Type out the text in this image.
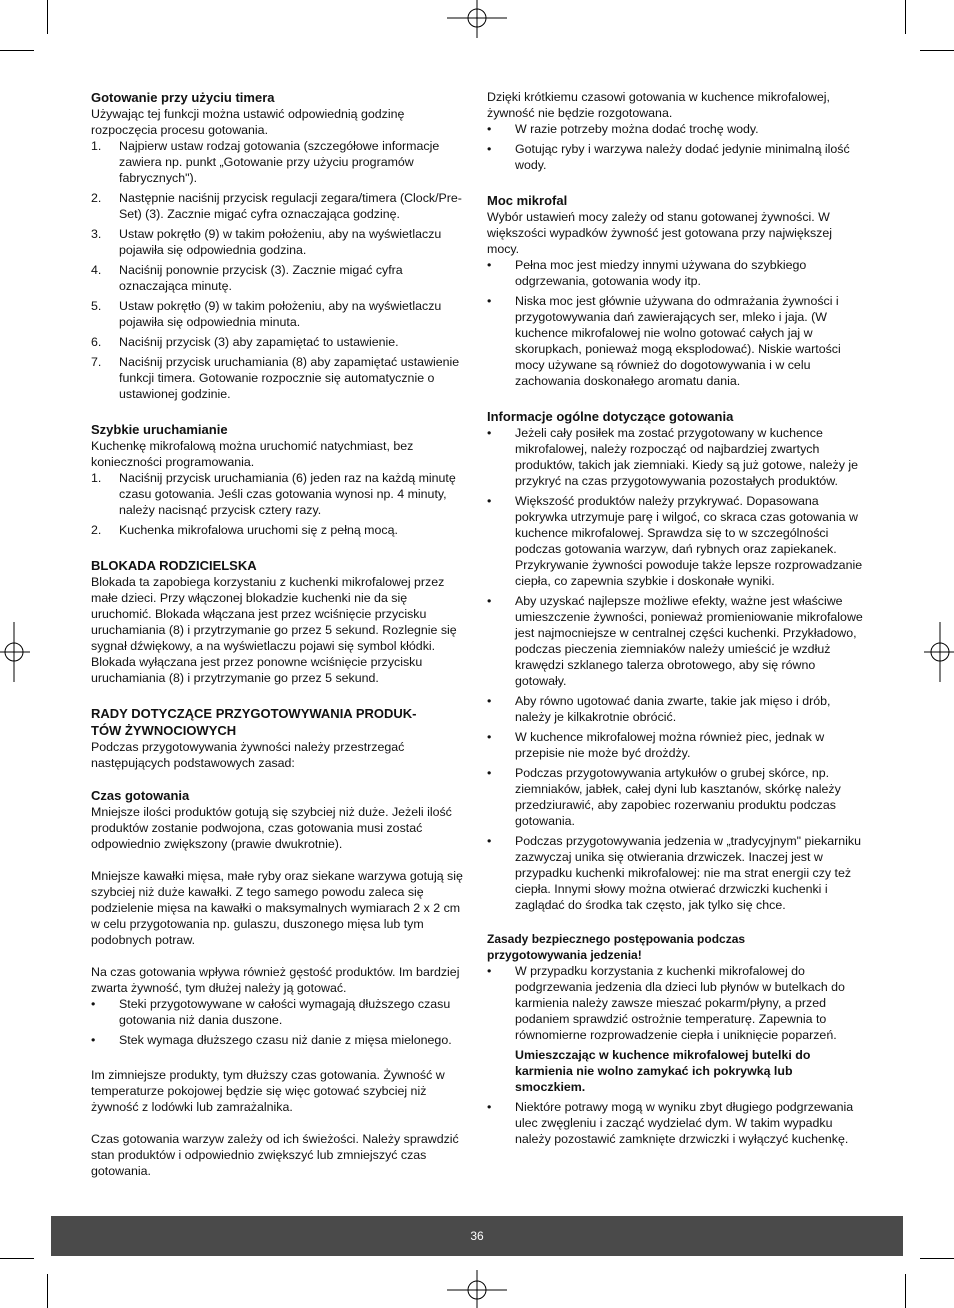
Gotowanie przy użyciu timera
Używając tej funkcji można ustawić odpowiednią godzinę rozpoczęcia procesu gotowania.
1.	Najpierw ustaw rodzaj gotowania (szczegółowe informacje zawiera np. punkt „Gotowanie przy użyciu programów fabrycznych").
2.	Następnie naciśnij przycisk regulacji zegara/timera (Clock/Pre-Set) (3). Zacznie migać cyfra oznaczająca godzinę.
3.	Ustaw pokrętło (9) w takim położeniu, aby na wyświetlaczu pojawiła się odpowiednia godzina.
4.	Naciśnij ponownie przycisk (3). Zacznie migać cyfra oznaczająca minutę.
5.	Ustaw pokrętło (9) w takim położeniu, aby na wyświetlaczu pojawiła się odpowiednia minuta.
6.	Naciśnij przycisk (3) aby zapamiętać to ustawienie.
7.	Naciśnij przycisk uruchamiania (8) aby zapamiętać ustawienie funkcji timera. Gotowanie rozpocznie się automatycznie o ustawionej godzinie.
Szybkie uruchamianie
Kuchenkę mikrofalową można uruchomić natychmiast, bez konieczności programowania.
1.	Naciśnij przycisk uruchamiania (6) jeden raz na każdą minutę czasu gotowania. Jeśli czas gotowania wynosi np. 4 minuty, należy nacisnąć przycisk cztery razy.
2.	Kuchenka mikrofalowa uruchomi się z pełną mocą.
BLOKADA RODZICIELSKA
Blokada ta zapobiega korzystaniu z kuchenki mikrofalowej przez małe dzieci. Przy włączonej blokadzie kuchenki nie da się uruchomić. Blokada włączana jest przez wciśnięcie przycisku uruchamiania (8) i przytrzymanie go przez 5 sekund. Rozlegnie się sygnał dźwiękowy, a na wyświetlaczu pojawi się symbol kłódki. Blokada wyłączana jest przez ponowne wciśnięcie przycisku uruchamiania (8) i przytrzymanie go przez 5 sekund.
RADY DOTYCZĄCE PRZYGOTOWYWANIA PRODUK-
TÓW ŻYWNOCIOWYCH
Podczas przygotowywania żywności należy przestrzegać następujących podstawowych zasad:
Czas gotowania
Mniejsze ilości produktów gotują się szybciej niż duże. Jeżeli ilość produktów zostanie podwojona, czas gotowania musi zostać odpowiednio zwiększony (prawie dwukrotnie).
Mniejsze kawałki mięsa, małe ryby oraz siekane warzywa gotują się szybciej niż duże kawałki. Z tego samego powodu zaleca się podzielenie mięsa na kawałki o maksymalnych wymiarach 2 x 2 cm w celu przygotowania np. gulaszu, duszonego mięsa lub tym podobnych potraw.
Na czas gotowania wpływa również gęstość produktów. Im bardziej zwarta żywność, tym dłużej należy ją gotować.
•	Steki przygotowywane w całości wymagają dłuższego czasu gotowania niż dania duszone.
•	Stek wymaga dłuższego czasu niż danie z mięsa mielonego.
Im zimniejsze produkty, tym dłuższy czas gotowania. Żywność w temperaturze pokojowej będzie się więc gotować szybciej niż żywność z lodówki lub zamrażalnika.
Czas gotowania warzyw zależy od ich świeżości. Należy sprawdzić stan produktów i odpowiednio zwiększyć lub zmniejszyć czas gotowania.
Dzięki krótkiemu czasowi gotowania w kuchence mikrofalowej, żywność nie będzie rozgotowana.
•	W razie potrzeby można dodać trochę wody.
•	Gotując ryby i warzywa należy dodać jedynie minimalną ilość wody.
Moc mikrofal
Wybór ustawień mocy zależy od stanu gotowanej żywności. W większości wypadków żywność jest gotowana przy największej mocy.
•	Pełna moc jest miedzy innymi używana do szybkiego odgrzewania, gotowania wody itp.
•	Niska moc jest głównie używana do odmrażania żywności i przygotowywania dań zawierających ser, mleko i jaja. (W kuchence mikrofalowej nie wolno gotować całych jaj w skorupkach, ponieważ mogą eksplodować). Niskie wartości mocy używane są również do dogotowywania i w celu zachowania doskonałego aromatu dania.
Informacje ogólne dotyczące gotowania
•	Jeżeli cały posiłek ma zostać przygotowany w kuchence mikrofalowej, należy rozpocząć od najbardziej zwartych produktów, takich jak ziemniaki. Kiedy są już gotowe, należy je przykryć na czas przygotowywania pozostałych produktów.
•	Większość produktów należy przykrywać. Dopasowana pokrywka utrzymuje parę i wilgoć, co skraca czas gotowania w kuchence mikrofalowej. Sprawdza się to w szczególności podczas gotowania warzyw, dań rybnych oraz zapiekanek. Przykrywanie żywności powoduje także lepsze rozprowadzanie ciepła, co zapewnia szybkie i doskonałe wyniki.
•	Aby uzyskać najlepsze możliwe efekty, ważne jest właściwe umieszczenie żywności, ponieważ promieniowanie mikrofalowe jest najmocniejsze w centralnej części kuchenki. Przykładowo, podczas pieczenia ziemniaków należy umieścić je wzdłuż krawędzi szklanego talerza obrotowego, aby się równo gotowały.
•	Aby równo ugotować dania zwarte, takie jak mięso i drób, należy je kilkakrotnie obrócić.
•	W kuchence mikrofalowej można również piec, jednak w przepisie nie może być drożdży.
•	Podczas przygotowywania artykułów o grubej skórce, np. ziemniaków, jabłek, całej dyni lub kasztanów, skórkę należy przedziurawić, aby zapobiec rozerwaniu produktu podczas gotowania.
•	Podczas przygotowywania jedzenia w „tradycyjnym" piekarniku zazwyczaj unika się otwierania drzwiczek. Inaczej jest w przypadku kuchenki mikrofalowej: nie ma strat energii czy też ciepła. Innymi słowy można otwierać drzwiczki kuchenki i zaglądać do środka tak często, jak tylko się chce.
Zasady bezpiecznego postępowania podczas
przygotowywania jedzenia!
•	W przypadku korzystania z kuchenki mikrofalowej do podgrzewania jedzenia dla dzieci lub płynów w butelkach do karmienia należy zawsze mieszać pokarm/płyny, a przed podaniem sprawdzić ostrożnie temperaturę. Zapewnia to równomierne rozprowadzenie ciepła i uniknięcie poparzeń.
Umieszczając w kuchence mikrofalowej butelki do karmienia nie wolno zamykać ich pokrywką lub smoczkiem.
•	Niektóre potrawy mogą w wyniku zbyt długiego podgrzewania ulec zwęgleniu i zacząć wydzielać dym. W takim wypadku należy pozostawić zamknięte drzwiczki i wyłączyć kuchenkę.
36
